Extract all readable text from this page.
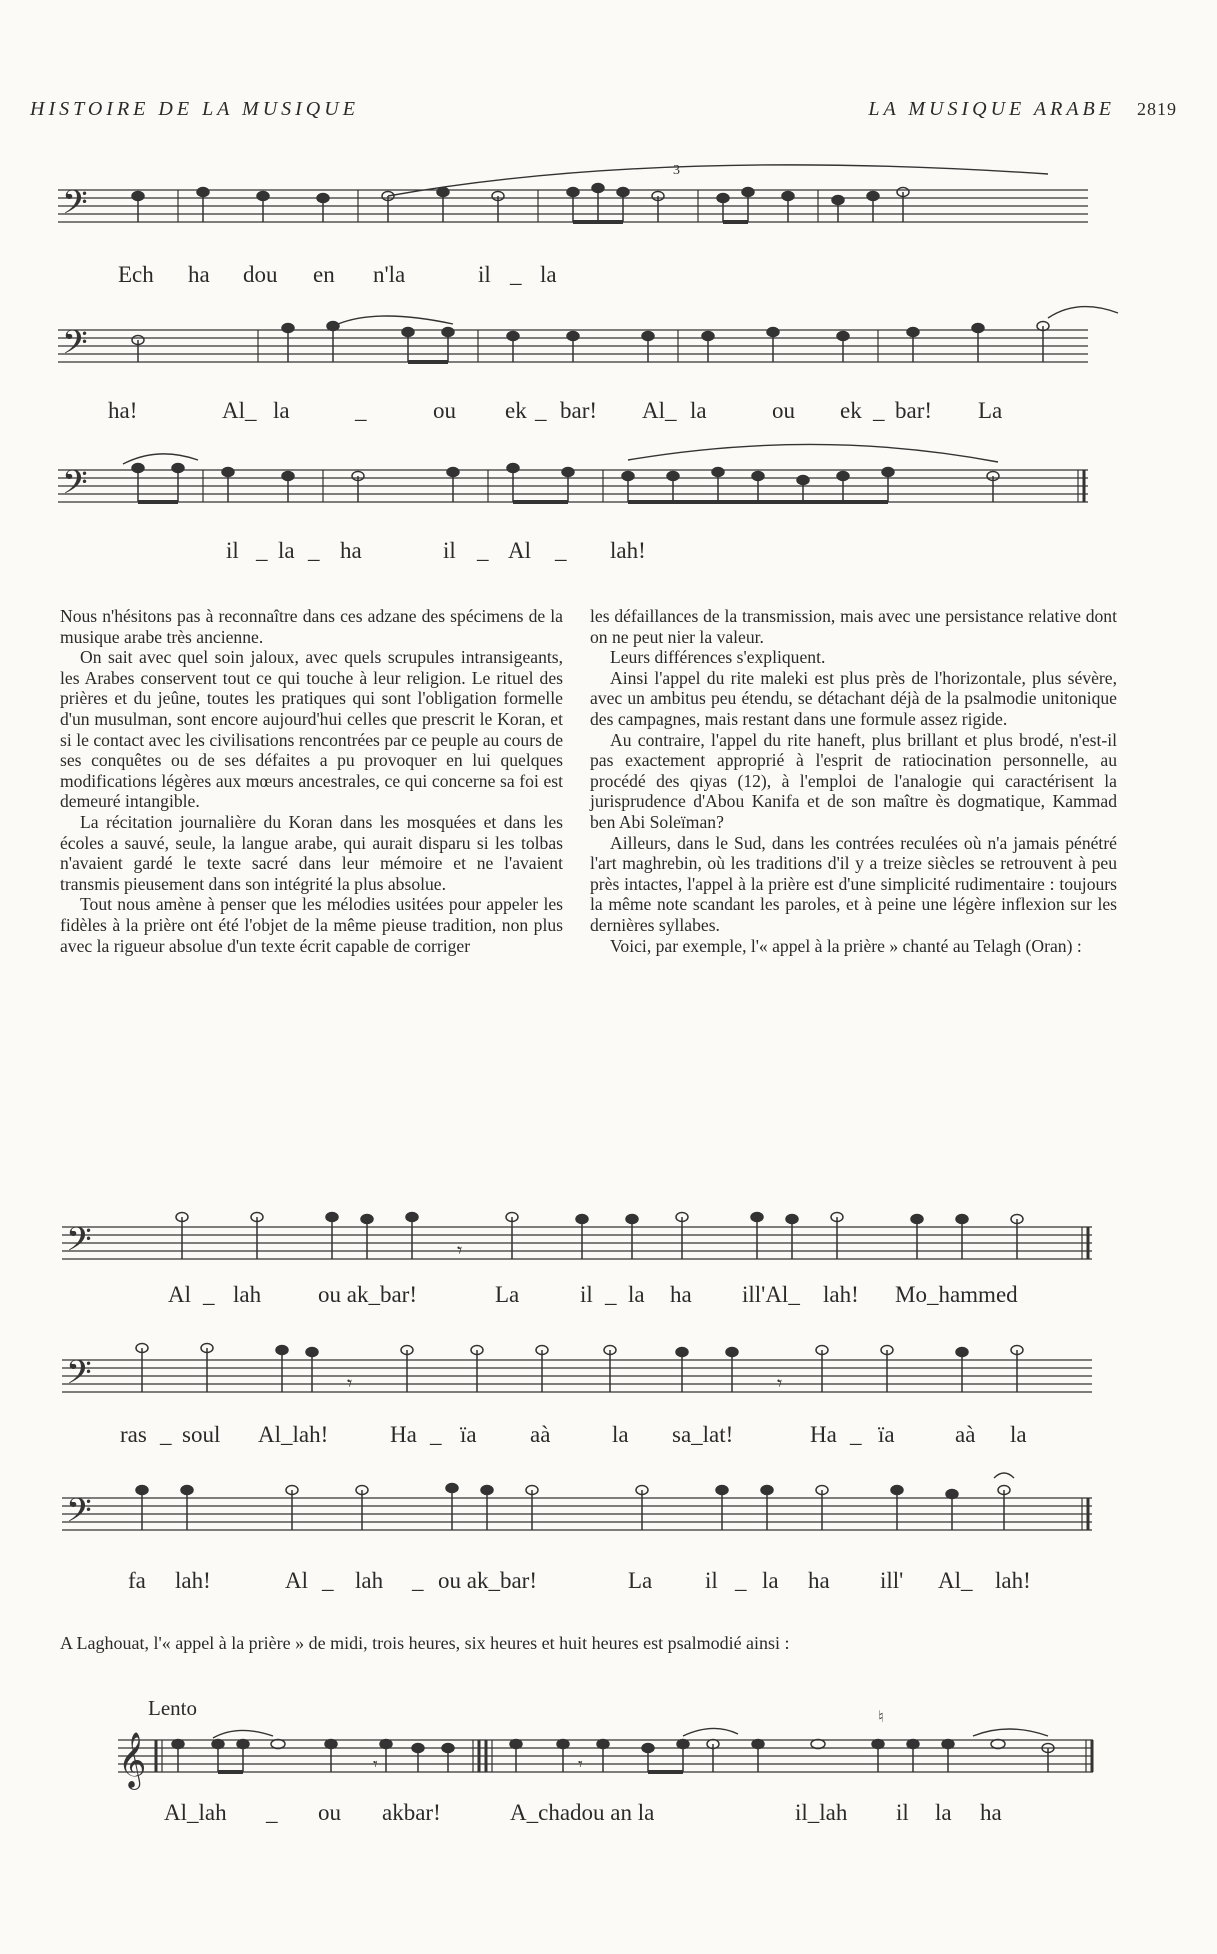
HISTOIRE DE LA MUSIQUE	LA MUSIQUE ARABE 2819
𝄢
3
Ech ha dou en n'la	il _ la
𝄢
ha!	Al_ la	_	ou ek _ bar! Al_ la	ou ek _ bar! La
𝄢
il _ la _ ha	il _ Al _ lah!

Nous n'hésitons pas à reconnaître dans ces adzane des spécimens de la musique arabe très ancienne.

On sait avec quel soin jaloux, avec quels scrupules intransigeants, les Arabes conservent tout ce qui touche à leur religion. Le rituel des prières et du jeûne, toutes les pratiques qui sont l'obligation formelle d'un musulman, sont encore aujourd'hui celles que prescrit le Koran, et si le contact avec les civilisations rencontrées par ce peuple au cours de ses conquêtes ou de ses défaites a pu provoquer en lui quelques modifications légères aux mœurs ancestrales, ce qui concerne sa foi est demeuré intangible.

La récitation journalière du Koran dans les mosquées et dans les écoles a sauvé, seule, la langue arabe, qui aurait disparu si les tolbas n'avaient gardé le texte sacré dans leur mémoire et ne l'avaient transmis pieusement dans son intégrité la plus absolue.

Tout nous amène à penser que les mélodies usitées pour appeler les fidèles à la prière ont été l'objet de la même pieuse tradition, non plus avec la rigueur absolue d'un texte écrit capable de corriger

les défaillances de la transmission, mais avec une persistance relative dont on ne peut nier la valeur.

Leurs différences s'expliquent.

Ainsi l'appel du rite maleki est plus près de l'horizontale, plus sévère, avec un ambitus peu étendu, se détachant déjà de la psalmodie unitonique des campagnes, mais restant dans une formule assez rigide.

Au contraire, l'appel du rite haneft, plus brillant et plus brodé, n'est-il pas exactement approprié à l'esprit de ratiocination personnelle, au procédé des qiyas (12), à l'emploi de l'analogie qui caractérisent la jurisprudence d'Abou Kanifa et de son maître ès dogmatique, Kammad ben Abi Soleïman?

Ailleurs, dans le Sud, dans les contrées reculées où n'a jamais pénétré l'art maghrebin, où les traditions d'il y a treize siècles se retrouvent à peu près intactes, l'appel à la prière est d'une simplicité rudimentaire : toujours la même note scandant les paroles, et à peine une légère inflexion sur les dernières syllabes.

Voici, par exemple, l'« appel à la prière » chanté au Telagh (Oran) :

𝄢	𝄾
Al _ lah ou ak_bar!	La	il _ la ha ill'Al_ lah! Mo_hammed
𝄢	𝄾	𝄾
ras _ soul Al_lah!	Ha _ ïa aà	la sa_lat!	Ha _ ïa	aà la
𝄢
fa lah!	Al _ lah _ ou ak_bar!	La il _ la ha ill' Al_ lah!
A Laghouat, l'« appel à la prière » de midi, trois heures, six heures et huit heures est psalmodié ainsi :
Lento
𝄞
♮
𝄾	𝄾
Al_lah _ ou akbar!	A_chadou an la	il_lah il la ha
